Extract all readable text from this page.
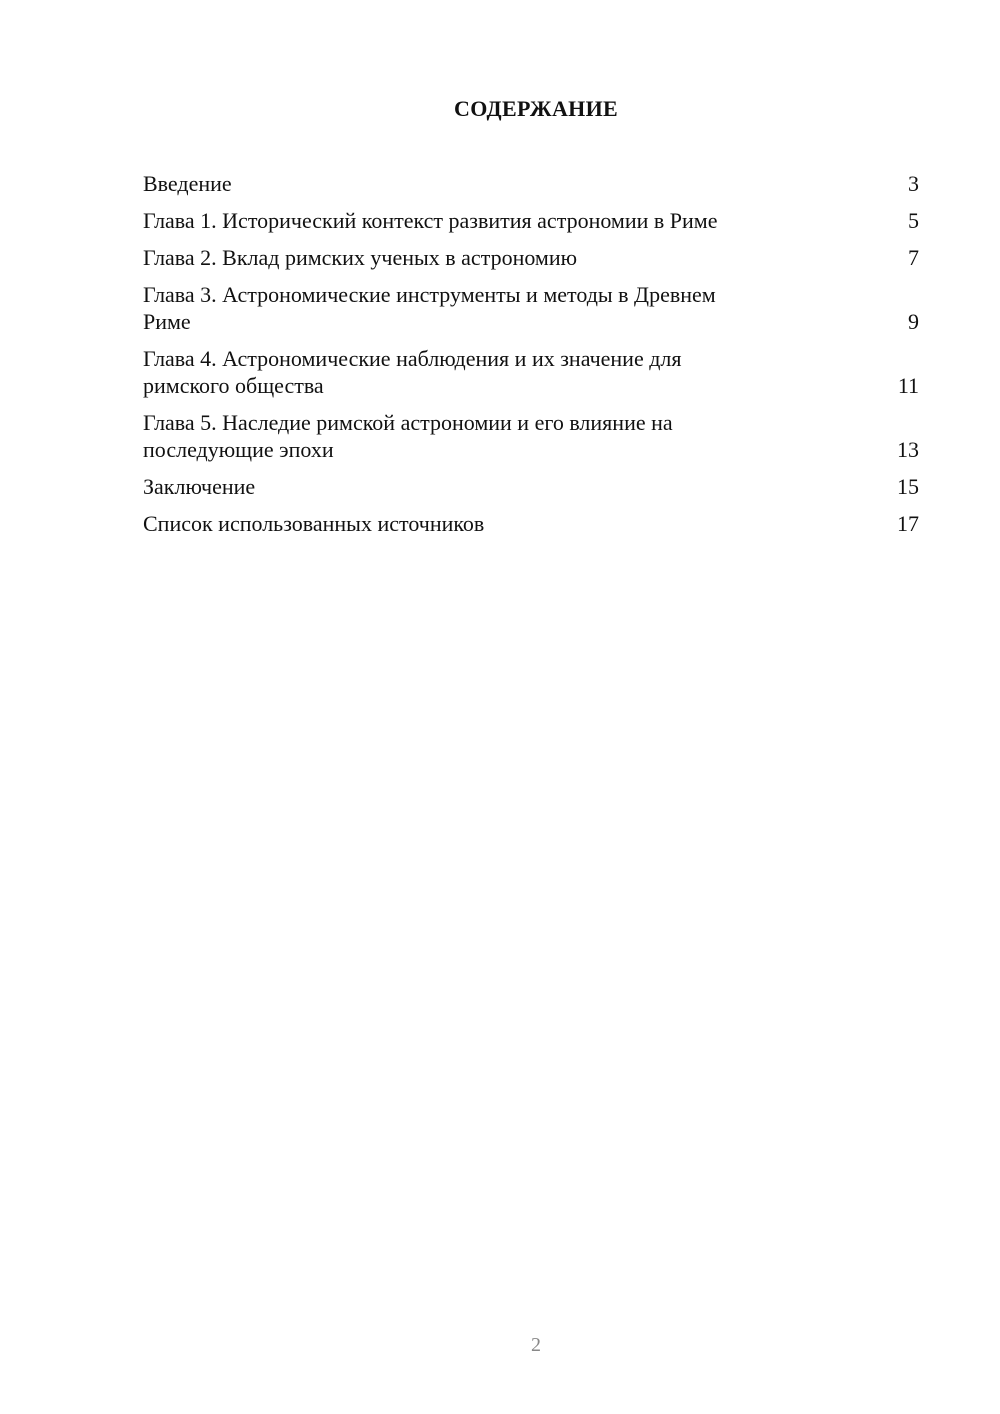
СОДЕРЖАНИЕ
Введение	3
Глава 1. Исторический контекст развития астрономии в Риме	5
Глава 2. Вклад римских ученых в астрономию	7
Глава 3. Астрономические инструменты и методы в Древнем
Риме	9
Глава 4. Астрономические наблюдения и их значение для
римского общества	11
Глава 5. Наследие римской астрономии и его влияние на
последующие эпохи	13
Заключение	15
Список использованных источников	17
2
